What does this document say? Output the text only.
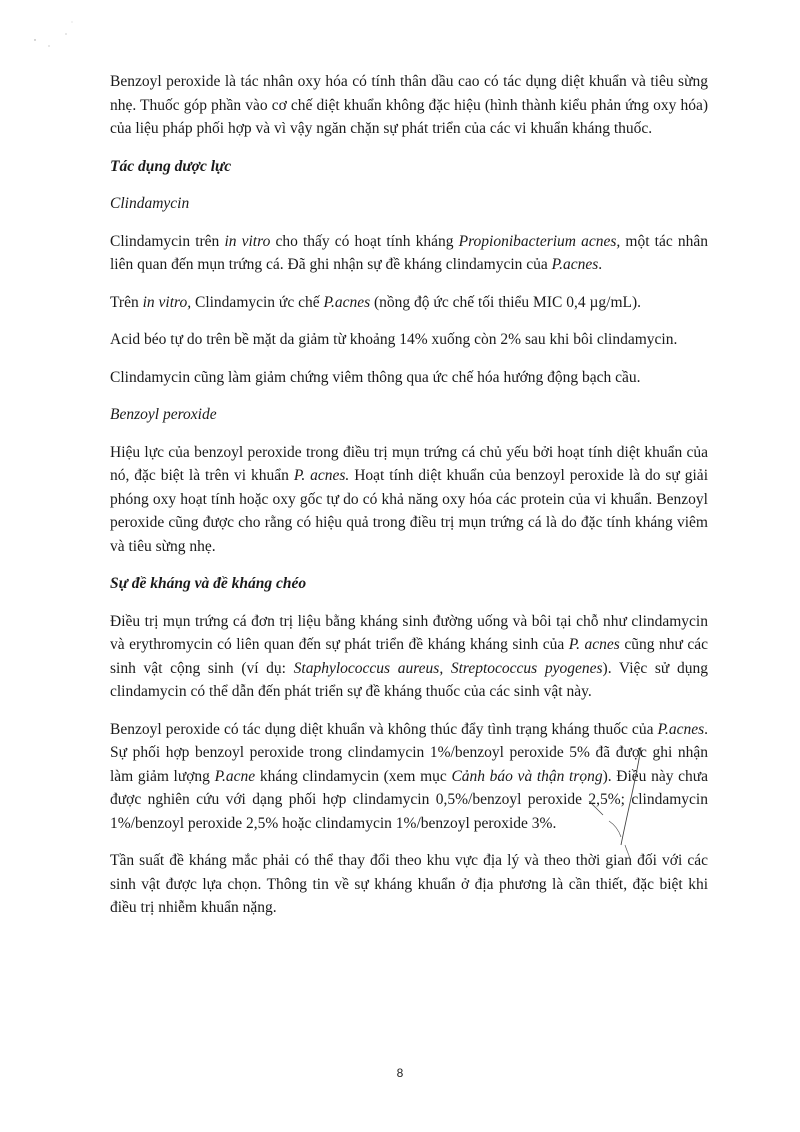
Benzoyl peroxide là tác nhân oxy hóa có tính thân dầu cao có tác dụng diệt khuẩn và tiêu sừng nhẹ. Thuốc góp phần vào cơ chế diệt khuẩn không đặc hiệu (hình thành kiểu phản ứng oxy hóa) của liệu pháp phối hợp và vì vậy ngăn chặn sự phát triển của các vi khuẩn kháng thuốc.

Tác dụng dược lực

Clindamycin

Clindamycin trên in vitro cho thấy có hoạt tính kháng Propionibacterium acnes, một tác nhân liên quan đến mụn trứng cá. Đã ghi nhận sự đề kháng clindamycin của P.acnes.

Trên in vitro, Clindamycin ức chế P.acnes (nồng độ ức chế tối thiểu MIC 0,4 µg/mL).

Acid béo tự do trên bề mặt da giảm từ khoảng 14% xuống còn 2% sau khi bôi clindamycin.

Clindamycin cũng làm giảm chứng viêm thông qua ức chế hóa hướng động bạch cầu.

Benzoyl peroxide

Hiệu lực của benzoyl peroxide trong điều trị mụn trứng cá chủ yếu bởi hoạt tính diệt khuẩn của nó, đặc biệt là trên vi khuẩn P. acnes. Hoạt tính diệt khuẩn của benzoyl peroxide là do sự giải phóng oxy hoạt tính hoặc oxy gốc tự do có khả năng oxy hóa các protein của vi khuẩn. Benzoyl peroxide cũng được cho rằng có hiệu quả trong điều trị mụn trứng cá là do đặc tính kháng viêm và tiêu sừng nhẹ.

Sự đề kháng và đề kháng chéo

Điều trị mụn trứng cá đơn trị liệu bằng kháng sinh đường uống và bôi tại chỗ như clindamycin và erythromycin có liên quan đến sự phát triển đề kháng kháng sinh của P. acnes cũng như các sinh vật cộng sinh (ví dụ: Staphylococcus aureus, Streptococcus pyogenes). Việc sử dụng clindamycin có thể dẫn đến phát triển sự đề kháng thuốc của các sinh vật này.

Benzoyl peroxide có tác dụng diệt khuẩn và không thúc đẩy tình trạng kháng thuốc của P.acnes. Sự phối hợp benzoyl peroxide trong clindamycin 1%/benzoyl peroxide 5% đã được ghi nhận làm giảm lượng P.acne kháng clindamycin (xem mục Cảnh báo và thận trọng). Điều này chưa được nghiên cứu với dạng phối hợp clindamycin 0,5%/benzoyl peroxide 2,5%; clindamycin 1%/benzoyl peroxide 2,5% hoặc clindamycin 1%/benzoyl peroxide 3%.

Tần suất đề kháng mắc phải có thể thay đổi theo khu vực địa lý và theo thời gian đối với các sinh vật được lựa chọn. Thông tin về sự kháng khuẩn ở địa phương là cần thiết, đặc biệt khi điều trị nhiễm khuẩn nặng.

8
